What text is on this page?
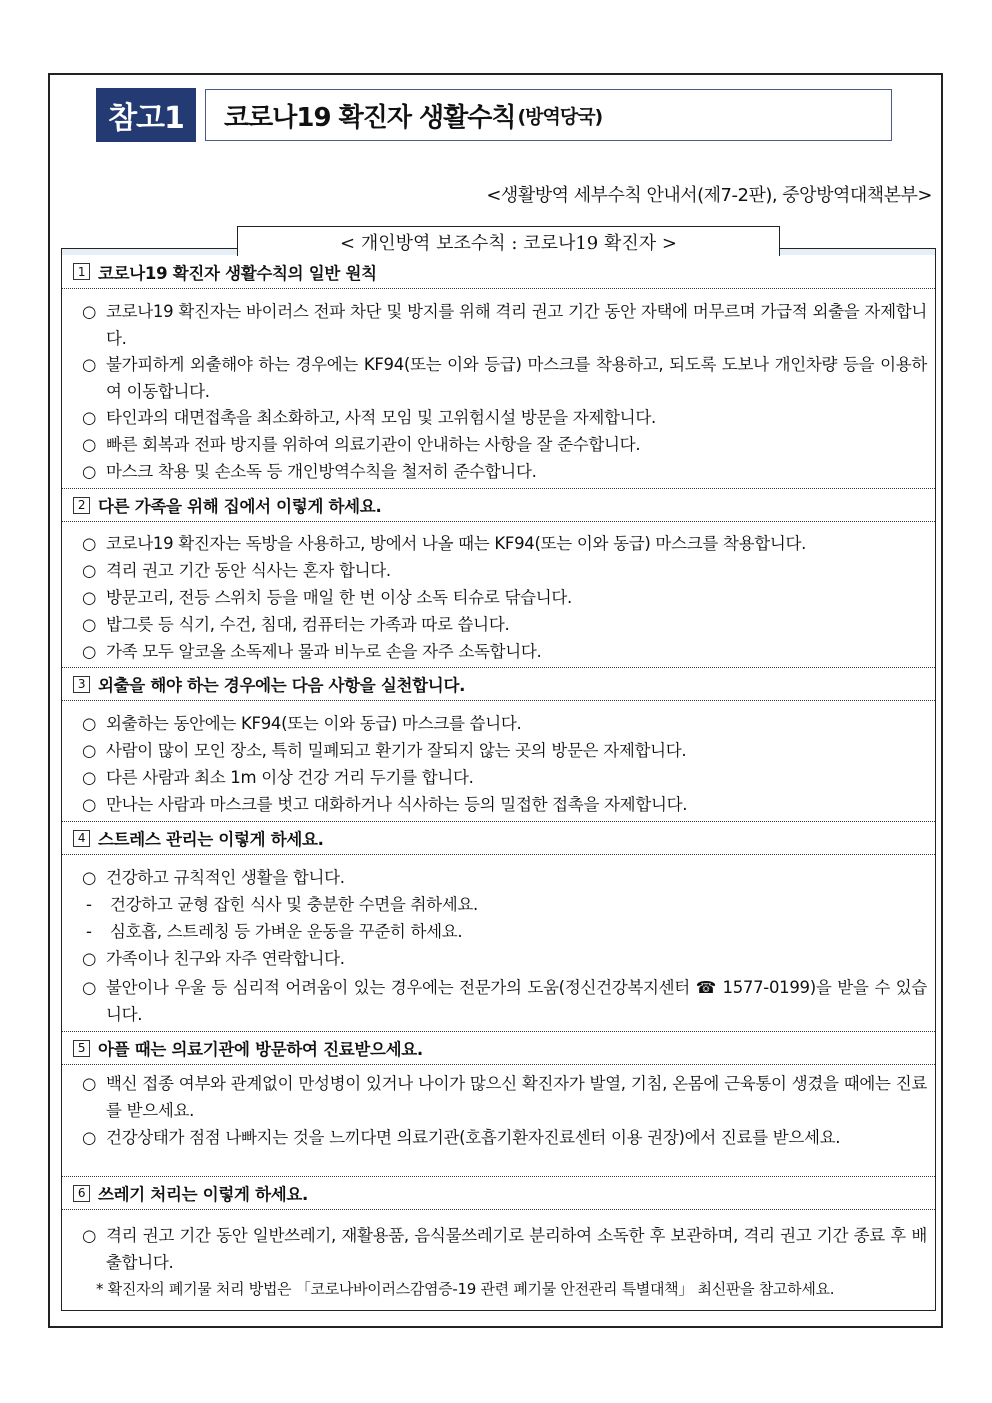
참고1	코로나19 확진자 생활수칙 (방역당국)
<생활방역 세부수칙 안내서(제7-2판), 중앙방역대책본부>
< 개인방역 보조수칙 : 코로나19 확진자 >
1 코로나19 확진자 생활수칙의 일반 원칙
○ 코로나19 확진자는 바이러스 전파 차단 및 방지를 위해 격리 권고 기간 동안 자택에 머무르며 가급적 외출을 자제합니다.
○ 불가피하게 외출해야 하는 경우에는 KF94(또는 이와 등급) 마스크를 착용하고, 되도록 도보나 개인차량 등을 이용하여 이동합니다.
○ 타인과의 대면접촉을 최소화하고, 사적 모임 및 고위험시설 방문을 자제합니다.
○ 빠른 회복과 전파 방지를 위하여 의료기관이 안내하는 사항을 잘 준수합니다.
○ 마스크 착용 및 손소독 등 개인방역수칙을 철저히 준수합니다.
2 다른 가족을 위해 집에서 이렇게 하세요.
○ 코로나19 확진자는 독방을 사용하고, 방에서 나올 때는 KF94(또는 이와 동급) 마스크를 착용합니다.
○ 격리 권고 기간 동안 식사는 혼자 합니다.
○ 방문고리, 전등 스위치 등을 매일 한 번 이상 소독 티슈로 닦습니다.
○ 밥그릇 등 식기, 수건, 침대, 컴퓨터는 가족과 따로 씁니다.
○ 가족 모두 알코올 소독제나 물과 비누로 손을 자주 소독합니다.
3 외출을 해야 하는 경우에는 다음 사항을 실천합니다.
○ 외출하는 동안에는 KF94(또는 이와 동급) 마스크를 씁니다.
○ 사람이 많이 모인 장소, 특히 밀폐되고 환기가 잘되지 않는 곳의 방문은 자제합니다.
○ 다른 사람과 최소 1m 이상 건강 거리 두기를 합니다.
○ 만나는 사람과 마스크를 벗고 대화하거나 식사하는 등의 밀접한 접촉을 자제합니다.
4 스트레스 관리는 이렇게 하세요.
○ 건강하고 규칙적인 생활을 합니다.
-	건강하고 균형 잡힌 식사 및 충분한 수면을 취하세요.
-	심호흡, 스트레칭 등 가벼운 운동을 꾸준히 하세요.
○ 가족이나 친구와 자주 연락합니다.
○ 불안이나 우울 등 심리적 어려움이 있는 경우에는 전문가의 도움(정신건강복지센터 ☎ 1577-0199)을 받을 수 있습니다.
5 아플 때는 의료기관에 방문하여 진료받으세요.
○ 백신 접종 여부와 관계없이 만성병이 있거나 나이가 많으신 확진자가 발열, 기침, 온몸에 근육통이 생겼을 때에는 진료를 받으세요.
○ 건강상태가 점점 나빠지는 것을 느끼다면 의료기관(호흡기환자진료센터 이용 권장)에서 진료를 받으세요.
6 쓰레기 처리는 이렇게 하세요.
○ 격리 권고 기간 동안 일반쓰레기, 재활용품, 음식물쓰레기로 분리하여 소독한 후 보관하며, 격리 권고 기간 종료 후 배출합니다.
* 확진자의 폐기물 처리 방법은 「코로나바이러스감염증-19 관련 폐기물 안전관리 특별대책」 최신판을 참고하세요.
